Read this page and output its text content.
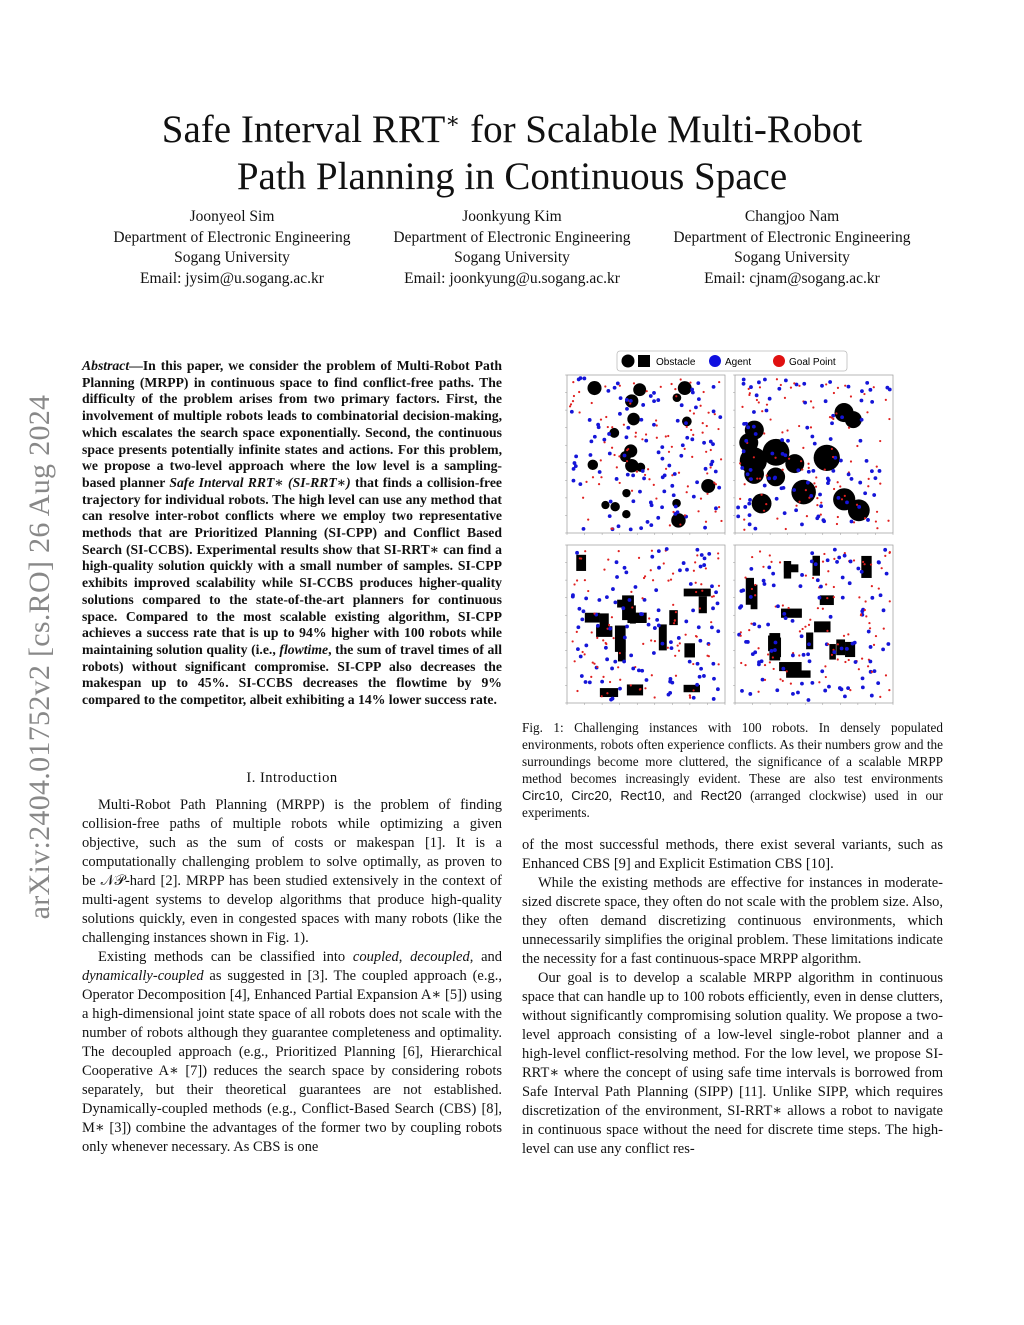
Safe Interval RRT∗ for Scalable Multi-Robot
Path Planning in Continuous Space
Joonyeol Sim
Department of Electronic Engineering
Sogang University
Email: jysim@u.sogang.ac.kr
Joonkyung Kim
Department of Electronic Engineering
Sogang University
Email: joonkyung@u.sogang.ac.kr
Changjoo Nam
Department of Electronic Engineering
Sogang University
Email: cjnam@sogang.ac.kr
arXiv:2404.01752v2 [cs.RO] 26 Aug 2024
Abstract—In this paper, we consider the problem of Multi-Robot Path Planning (MRPP) in continuous space to find conflict-free paths. The difficulty of the problem arises from two primary factors. First, the involvement of multiple robots leads to combinatorial decision-making, which escalates the search space exponentially. Second, the continuous space presents potentially infinite states and actions. For this problem, we propose a two-level approach where the low level is a sampling-based planner Safe Interval RRT∗ (SI-RRT∗) that finds a collision-free trajectory for individual robots. The high level can use any method that can resolve inter-robot conflicts where we employ two representative methods that are Prioritized Planning (SI-CPP) and Conflict Based Search (SI-CCBS). Experimental results show that SI-RRT∗ can find a high-quality solution quickly with a small number of samples. SI-CPP exhibits improved scalability while SI-CCBS produces higher-quality solutions compared to the state-of-the-art planners for continuous space. Compared to the most scalable existing algorithm, SI-CPP achieves a success rate that is up to 94% higher with 100 robots while maintaining solution quality (i.e., flowtime, the sum of travel times of all robots) without significant compromise. SI-CPP also decreases the makespan up to 45%. SI-CCBS decreases the flowtime by 9% compared to the competitor, albeit exhibiting a 14% lower success rate.
I. Introduction

Multi-Robot Path Planning (MRPP) is the problem of finding collision-free paths of multiple robots while optimizing a given objective, such as the sum of costs or makespan [1]. It is a computationally challenging problem to solve optimally, as proven to be 𝒩𝒫-hard [2]. MRPP has been studied extensively in the context of multi-agent systems to develop algorithms that produce high-quality solutions quickly, even in congested spaces with many robots (like the challenging instances shown in Fig. 1).

Existing methods can be classified into coupled, decoupled, and dynamically-coupled as suggested in [3]. The coupled approach (e.g., Operator Decomposition [4], Enhanced Partial Expansion A∗ [5]) using a high-dimensional joint state space of all robots does not scale with the number of robots although they guarantee completeness and optimality. The decoupled approach (e.g., Prioritized Planning [6], Hierarchical Cooperative A∗ [7]) reduces the search space by considering robots separately, but their theoretical guarantees are not established. Dynamically-coupled methods (e.g., Conflict-Based Search (CBS) [8], M∗ [3]) combine the advantages of the former two by coupling robots only whenever necessary. As CBS is one

Obstacle	Agent	Goal Point
Fig. 1: Challenging instances with 100 robots. In densely populated environments, robots often experience conflicts. As their numbers grow and the surroundings become more cluttered, the significance of a scalable MRPP method becomes increasingly evident. These are also test environments Circ10, Circ20, Rect10, and Rect20 (arranged clockwise) used in our experiments.

of the most successful methods, there exist several variants, such as Enhanced CBS [9] and Explicit Estimation CBS [10].

While the existing methods are effective for instances in moderate-sized discrete space, they often do not scale with the problem size. Also, they often demand discretizing continuous environments, which unnecessarily simplifies the original problem. These limitations indicate the necessity for a fast continuous-space MRPP algorithm.

Our goal is to develop a scalable MRPP algorithm in continuous space that can handle up to 100 robots efficiently, even in dense clutters, without significantly compromising solution quality. We propose a two-level approach consisting of a low-level single-robot planner and a high-level conflict-resolving method. For the low level, we propose SI-RRT∗ where the concept of using safe time intervals is borrowed from Safe Interval Path Planning (SIPP) [11]. Unlike SIPP, which requires discretization of the environment, SI-RRT∗ allows a robot to navigate in continuous space without the need for discrete time steps. The high-level can use any conflict res-
